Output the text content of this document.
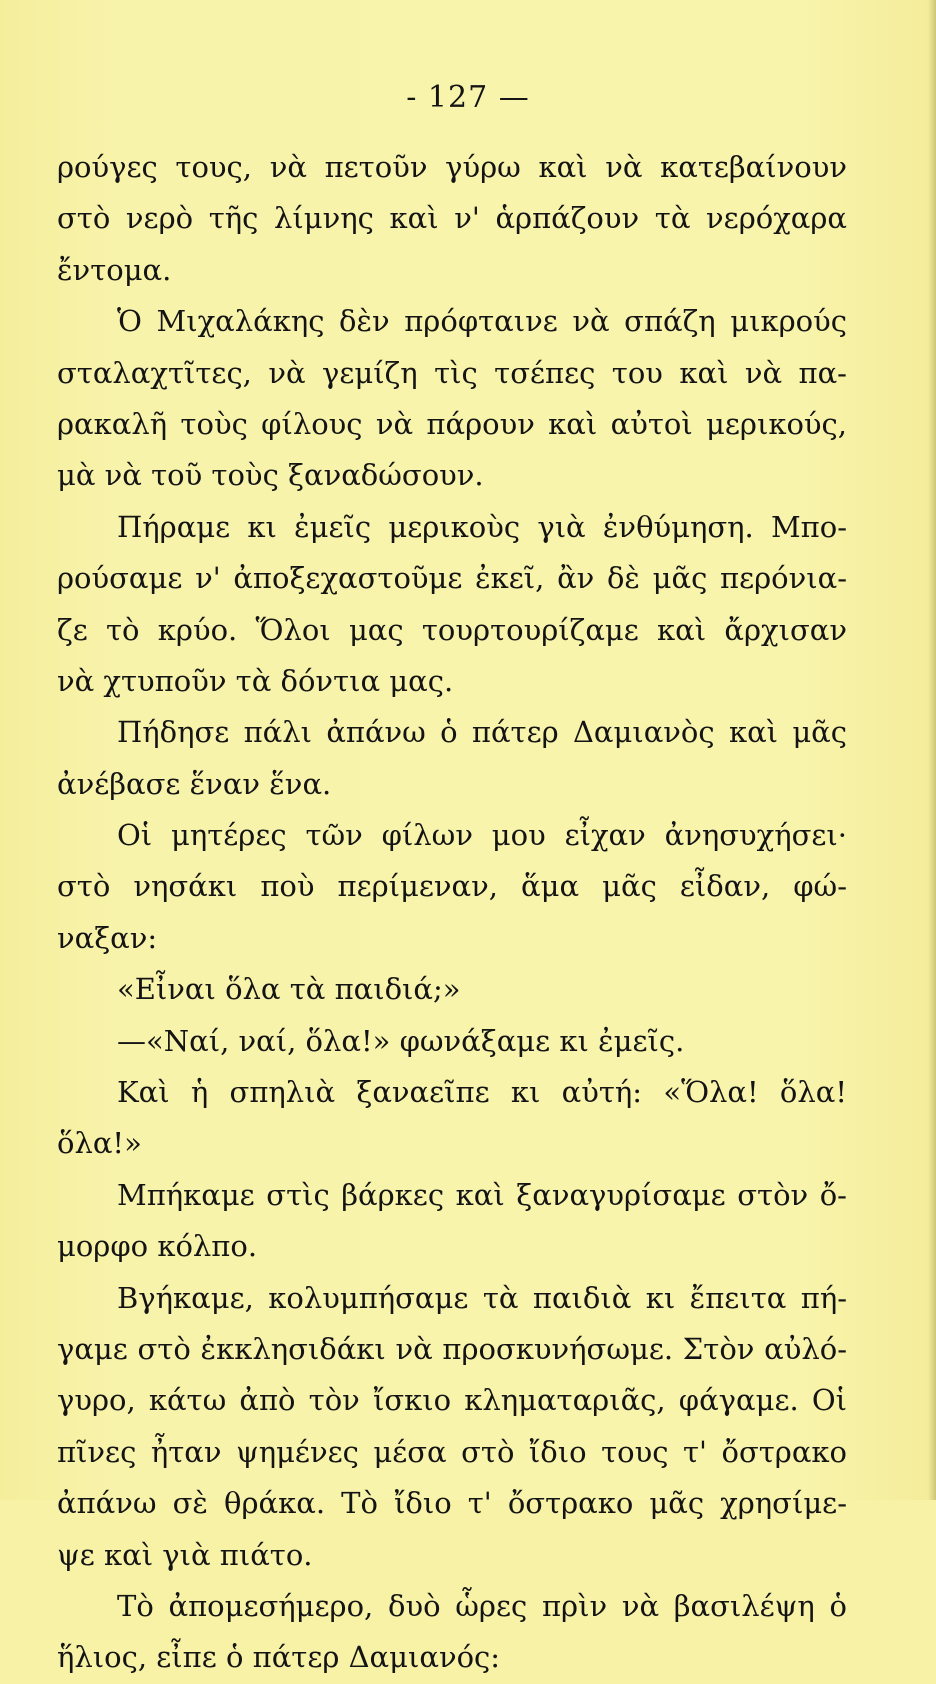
- 127 —
ρούγες τους, νὰ πετοῦν γύρω καὶ νὰ κατεβαίνουν
στὸ νερὸ τῆς λίμνης καὶ ν' ἁρπάζουν τὰ νερόχαρα
ἔντομα.
Ὁ Μιχαλάκης δὲν πρόφταινε νὰ σπάζη μικρούς
σταλαχτῖτες, νὰ γεμίζη τὶς τσέπες του καὶ νὰ πα-
ρακαλῆ τοὺς φίλους νὰ πάρουν καὶ αὐτοὶ μερικούς,
μὰ νὰ τοῦ τοὺς ξαναδώσουν.
Πήραμε κι ἐμεῖς μερικοὺς γιὰ ἐνθύμηση. Μπο-
ρούσαμε ν' ἀποξεχαστοῦμε ἐκεῖ, ἂν δὲ μᾶς περόνια-
ζε τὸ κρύο. Ὅλοι μας τουρτουρίζαμε καὶ ἄρχισαν
νὰ χτυποῦν τὰ δόντια μας.
Πήδησε πάλι ἀπάνω ὁ πάτερ Δαμιανὸς καὶ μᾶς
ἀνέβασε ἕναν ἕνα.
Οἱ μητέρες τῶν φίλων μου εἶχαν ἀνησυχήσει·
στὸ νησάκι ποὺ περίμεναν, ἅμα μᾶς εἶδαν, φώ-
ναξαν:
«Εἶναι ὅλα τὰ παιδιά;»
—«Ναί, ναί, ὅλα!» φωνάξαμε κι ἐμεῖς.
Καὶ ἡ σπηλιὰ ξαναεῖπε κι αὐτή: «Ὅλα! ὅλα!
ὅλα!»
Μπήκαμε στὶς βάρκες καὶ ξαναγυρίσαμε στὸν ὄ-
μορφο κόλπο.
Βγήκαμε, κολυμπήσαμε τὰ παιδιὰ κι ἔπειτα πή-
γαμε στὸ ἐκκλησιδάκι νὰ προσκυνήσωμε. Στὸν αὐλό-
γυρο, κάτω ἀπὸ τὸν ἴσκιο κληματαριᾶς, φάγαμε. Οἱ
πῖνες ἦταν ψημένες μέσα στὸ ἴδιο τους τ' ὄστρακο
ἀπάνω σὲ θράκα. Τὸ ἴδιο τ' ὄστρακο μᾶς χρησίμε-
ψε καὶ γιὰ πιάτο.
Τὸ ἀπομεσήμερο, δυὸ ὧρες πρὶν νὰ βασιλέψη ὁ
ἥλιος, εἶπε ὁ πάτερ Δαμιανός:
